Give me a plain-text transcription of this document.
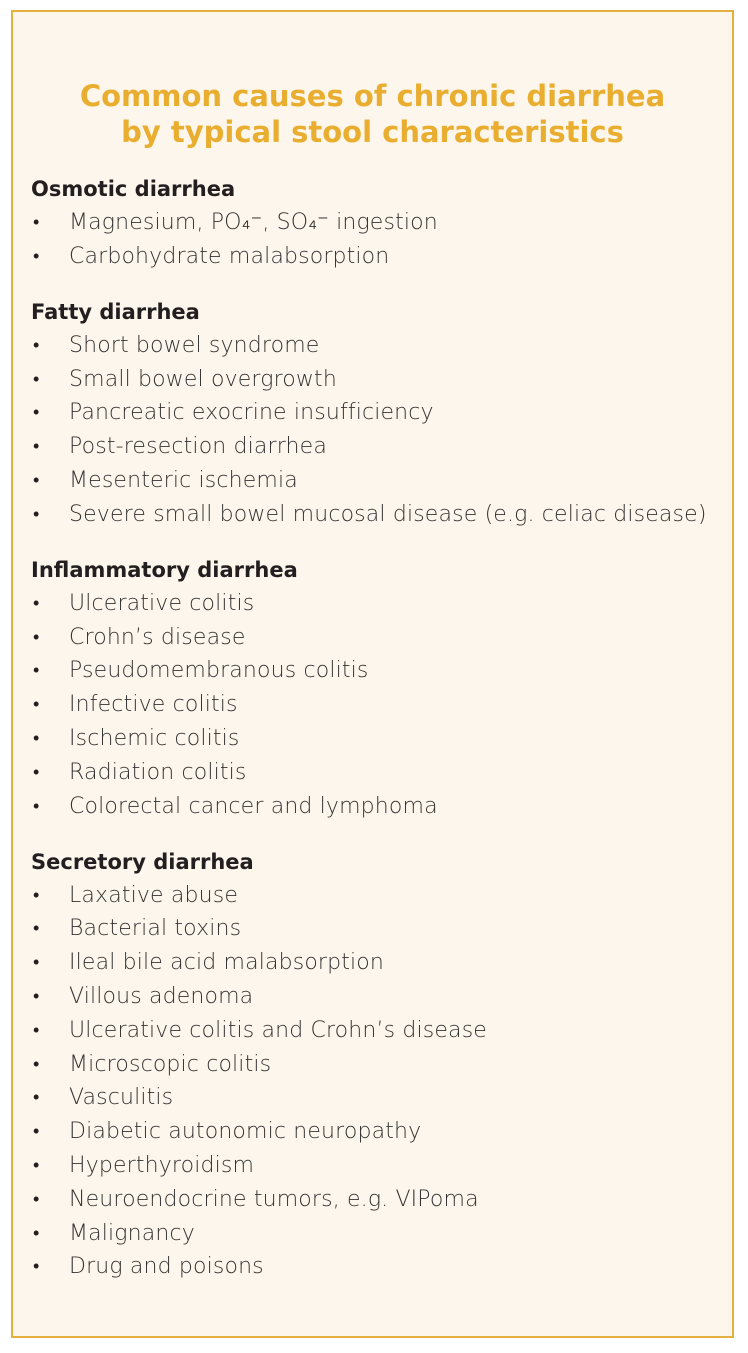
Common causes of chronic diarrhea
by typical stool characteristics
Osmotic diarrhea
• Magnesium, PO₄⁻, SO₄⁻ ingestion
• Carbohydrate malabsorption
Fatty diarrhea
• Short bowel syndrome
• Small bowel overgrowth
• Pancreatic exocrine insufficiency
• Post-resection diarrhea
• Mesenteric ischemia
• Severe small bowel mucosal disease (e.g. celiac disease)
Inflammatory diarrhea
• Ulcerative colitis
• Crohn’s disease
• Pseudomembranous colitis
• Infective colitis
• Ischemic colitis
• Radiation colitis
• Colorectal cancer and lymphoma
Secretory diarrhea
• Laxative abuse
• Bacterial toxins
• Ileal bile acid malabsorption
• Villous adenoma
• Ulcerative colitis and Crohn’s disease
• Microscopic colitis
• Vasculitis
• Diabetic autonomic neuropathy
• Hyperthyroidism
• Neuroendocrine tumors, e.g. VIPoma
• Malignancy
• Drug and poisons
